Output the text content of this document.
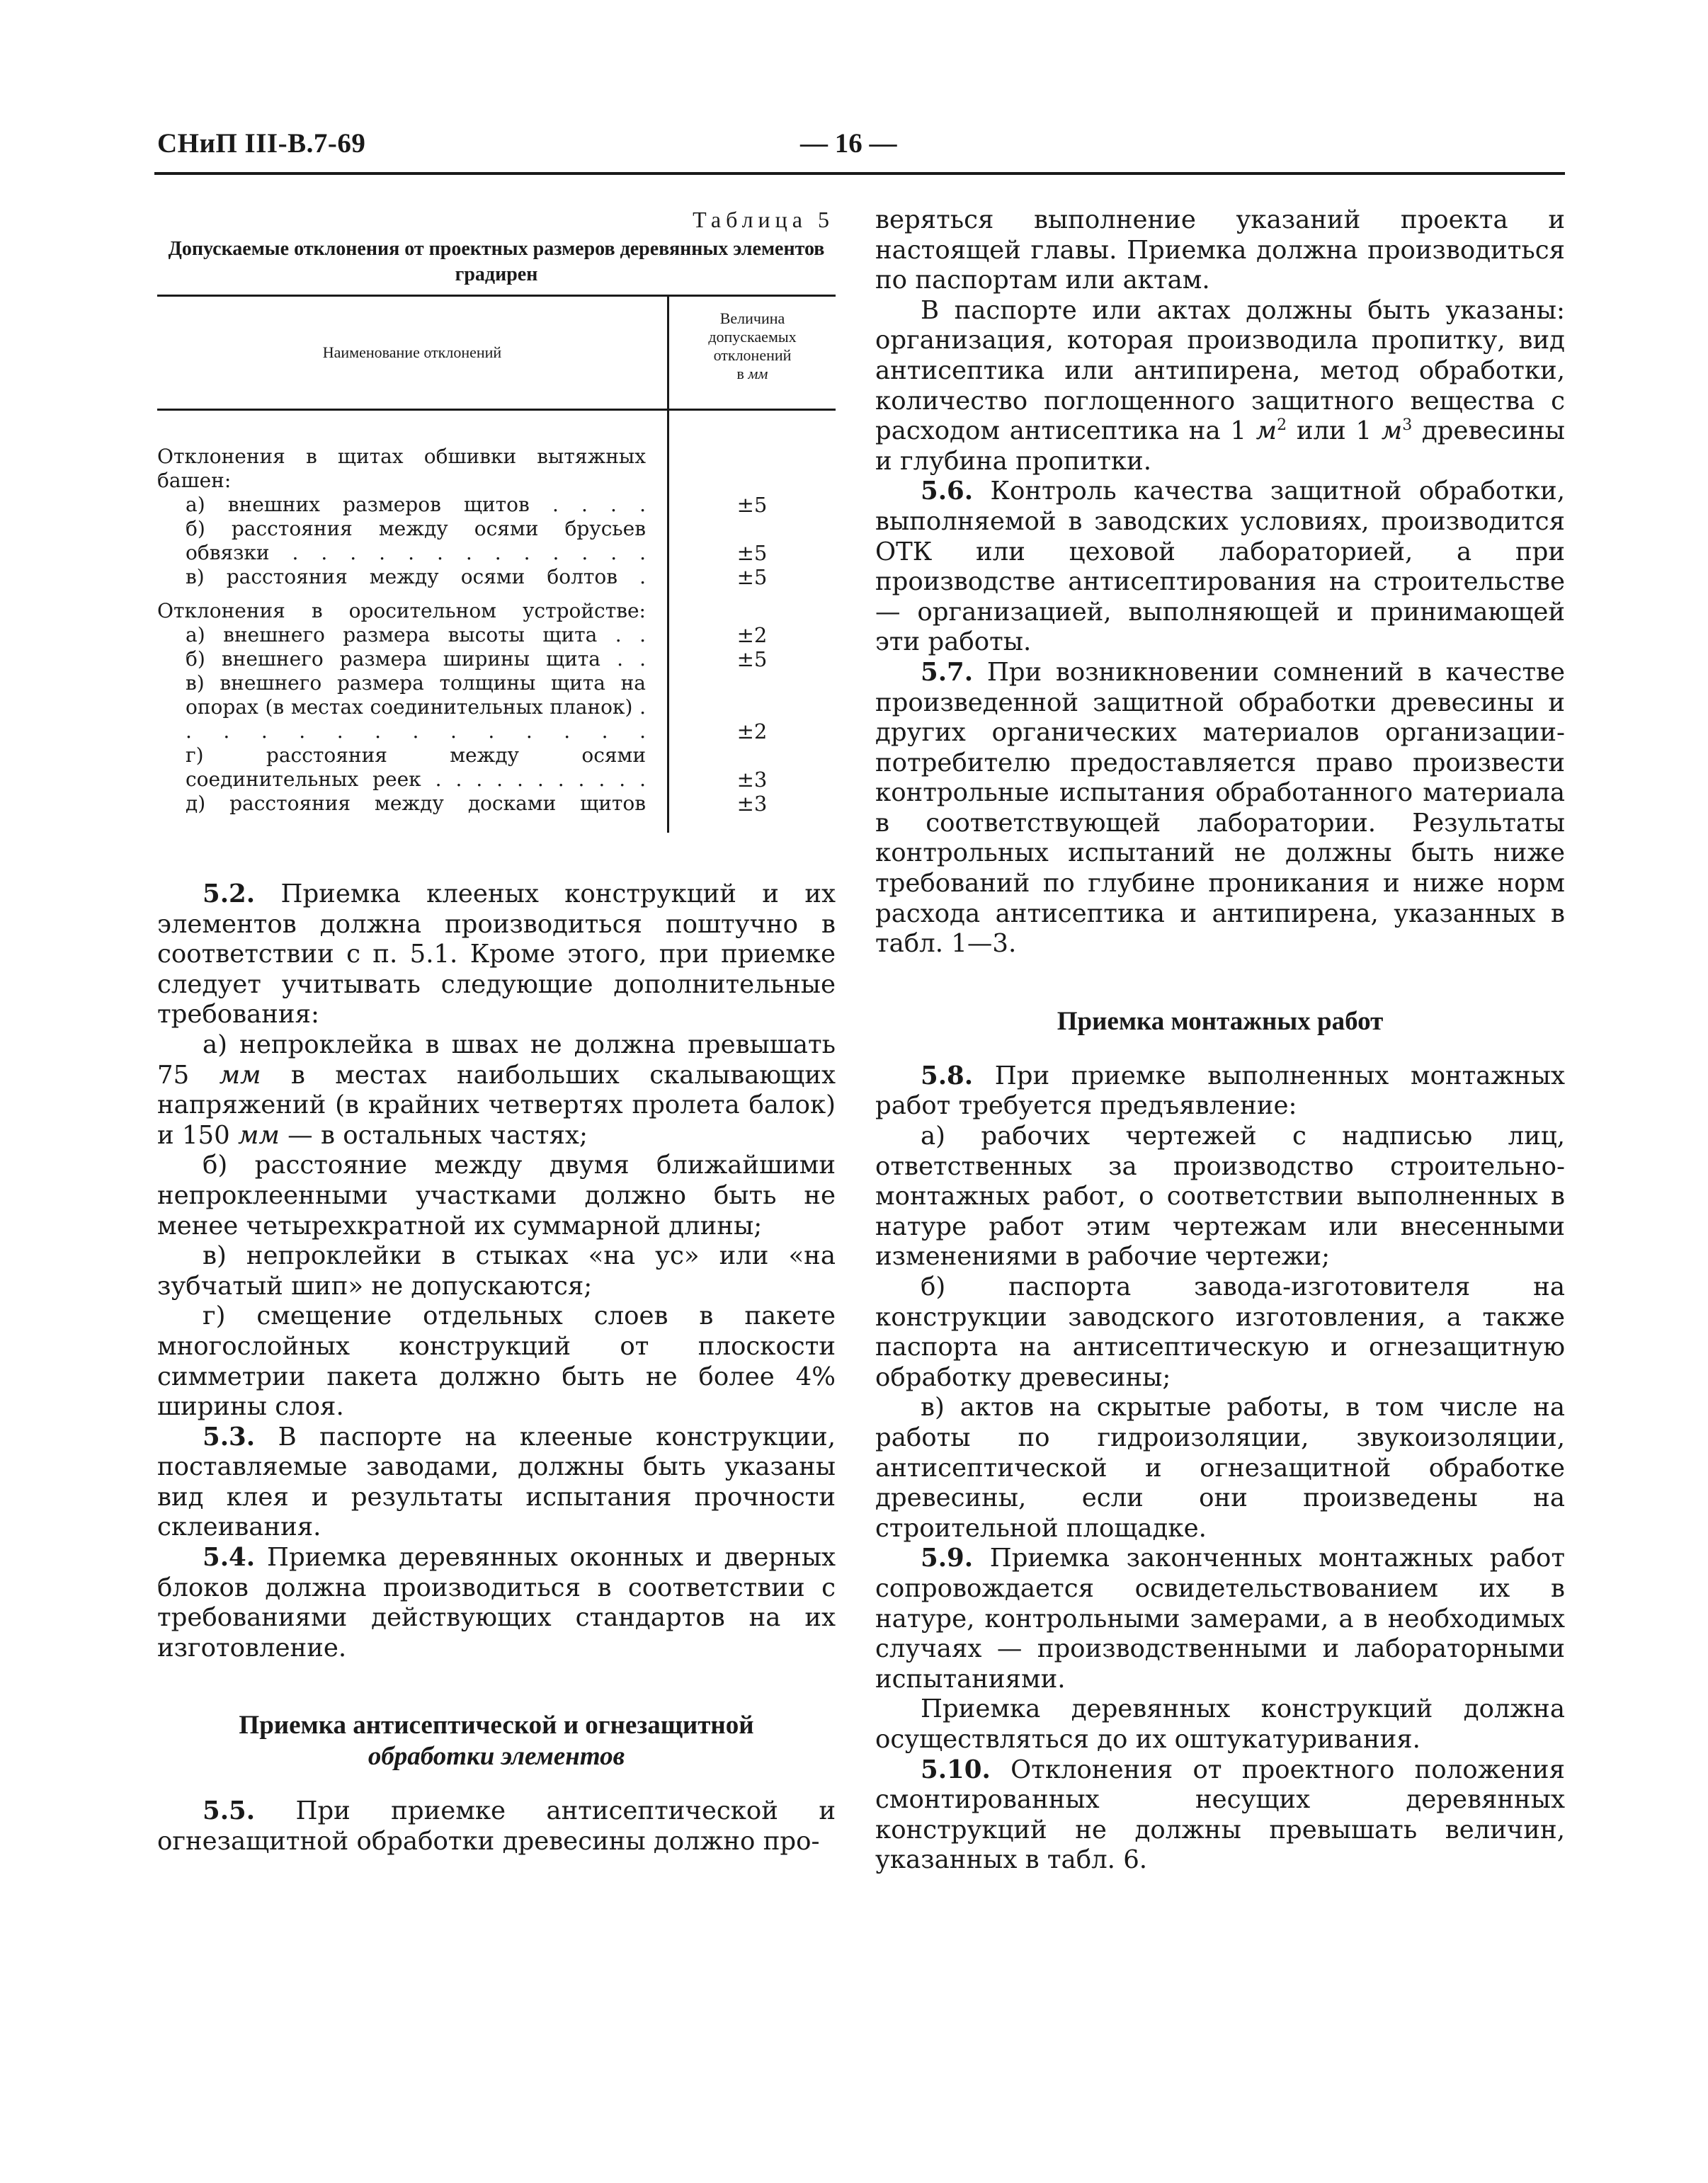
СНиП III-В.7-69	— 16 —
Таблица 5
Допускаемые отклонения от проектных размеров деревянных элементов градирен
Наименование отклонений
Величина
допускаемых
отклонений
в мм
Отклонения в щитах обшивки вытяжных башен:
а) внешних размеров щитов . . . .	±5
б) расстояния между осями брусьев обвязки . . . . . . . . . . . . .	±5
в) расстояния между осями болтов .	±5
Отклонения в оросительном устройстве:
а) внешнего размера высоты щита . .	±2
б) внешнего размера ширины щита . .	±5
в) внешнего размера толщины щита на опорах (в местах соединительных планок) . . . . . . . . . . . . . .	±2
г) расстояния между осями соединительных реек . . . . . . . . . . .	±3
д) расстояния между досками щитов	±3

5.2. Приемка клееных конструкций и их элементов должна производиться поштучно в соответствии с п. 5.1. Кроме этого, при приемке следует учитывать следующие дополнительные требования:

а) непроклейка в швах не должна превышать 75 мм в местах наибольших скалывающих напряжений (в крайних четвертях пролета балок) и 150 мм — в остальных частях;

б) расстояние между двумя ближайшими непроклеенными участками должно быть не менее четырехкратной их суммарной длины;

в) непроклейки в стыках «на ус» или «на зубчатый шип» не допускаются;

г) смещение отдельных слоев в пакете многослойных конструкций от плоскости симметрии пакета должно быть не более 4% ширины слоя.

5.3. В паспорте на клееные конструкции, поставляемые заводами, должны быть указаны вид клея и результаты испытания прочности склеивания.

5.4. Приемка деревянных оконных и дверных блоков должна производиться в соответствии с требованиями действующих стандартов на их изготовление.

Приемка антисептической и огнезащитной
обработки элементов

5.5. При приемке антисептической и огнезащитной обработки древесины должно про-

веряться выполнение указаний проекта и настоящей главы. Приемка должна производиться по паспортам или актам.

В паспорте или актах должны быть указаны: организация, которая производила пропитку, вид антисептика или антипирена, метод обработки, количество поглощенного защитного вещества с расходом антисептика на 1 $м^2$ или 1 $м^3$ древесины и глубина пропитки.

5.6. Контроль качества защитной обработки, выполняемой в заводских условиях, производится ОТК или цеховой лабораторией, а при производстве антисептирования на строительстве — организацией, выполняющей и принимающей эти работы.

5.7. При возникновении сомнений в качестве произведенной защитной обработки древесины и других органических материалов организации-потребителю предоставляется право произвести контрольные испытания обработанного материала в соответствующей лаборатории. Результаты контрольных испытаний не должны быть ниже требований по глубине проникания и ниже норм расхода антисептика и антипирена, указанных в табл. 1—3.

Приемка монтажных работ

5.8. При приемке выполненных монтажных работ требуется предъявление:

а) рабочих чертежей с надписью лиц, ответственных за производство строительно-монтажных работ, о соответствии выполненных в натуре работ этим чертежам или внесенными изменениями в рабочие чертежи;

б) паспорта завода-изготовителя на конструкции заводского изготовления, а также паспорта на антисептическую и огнезащитную обработку древесины;

в) актов на скрытые работы, в том числе на работы по гидроизоляции, звукоизоляции, антисептической и огнезащитной обработке древесины, если они произведены на строительной площадке.

5.9. Приемка законченных монтажных работ сопровождается освидетельствованием их в натуре, контрольными замерами, а в необходимых случаях — производственными и лабораторными испытаниями.

Приемка деревянных конструкций должна осуществляться до их оштукатуривания.

5.10. Отклонения от проектного положения смонтированных несущих деревянных конструкций не должны превышать величин, указанных в табл. 6.
